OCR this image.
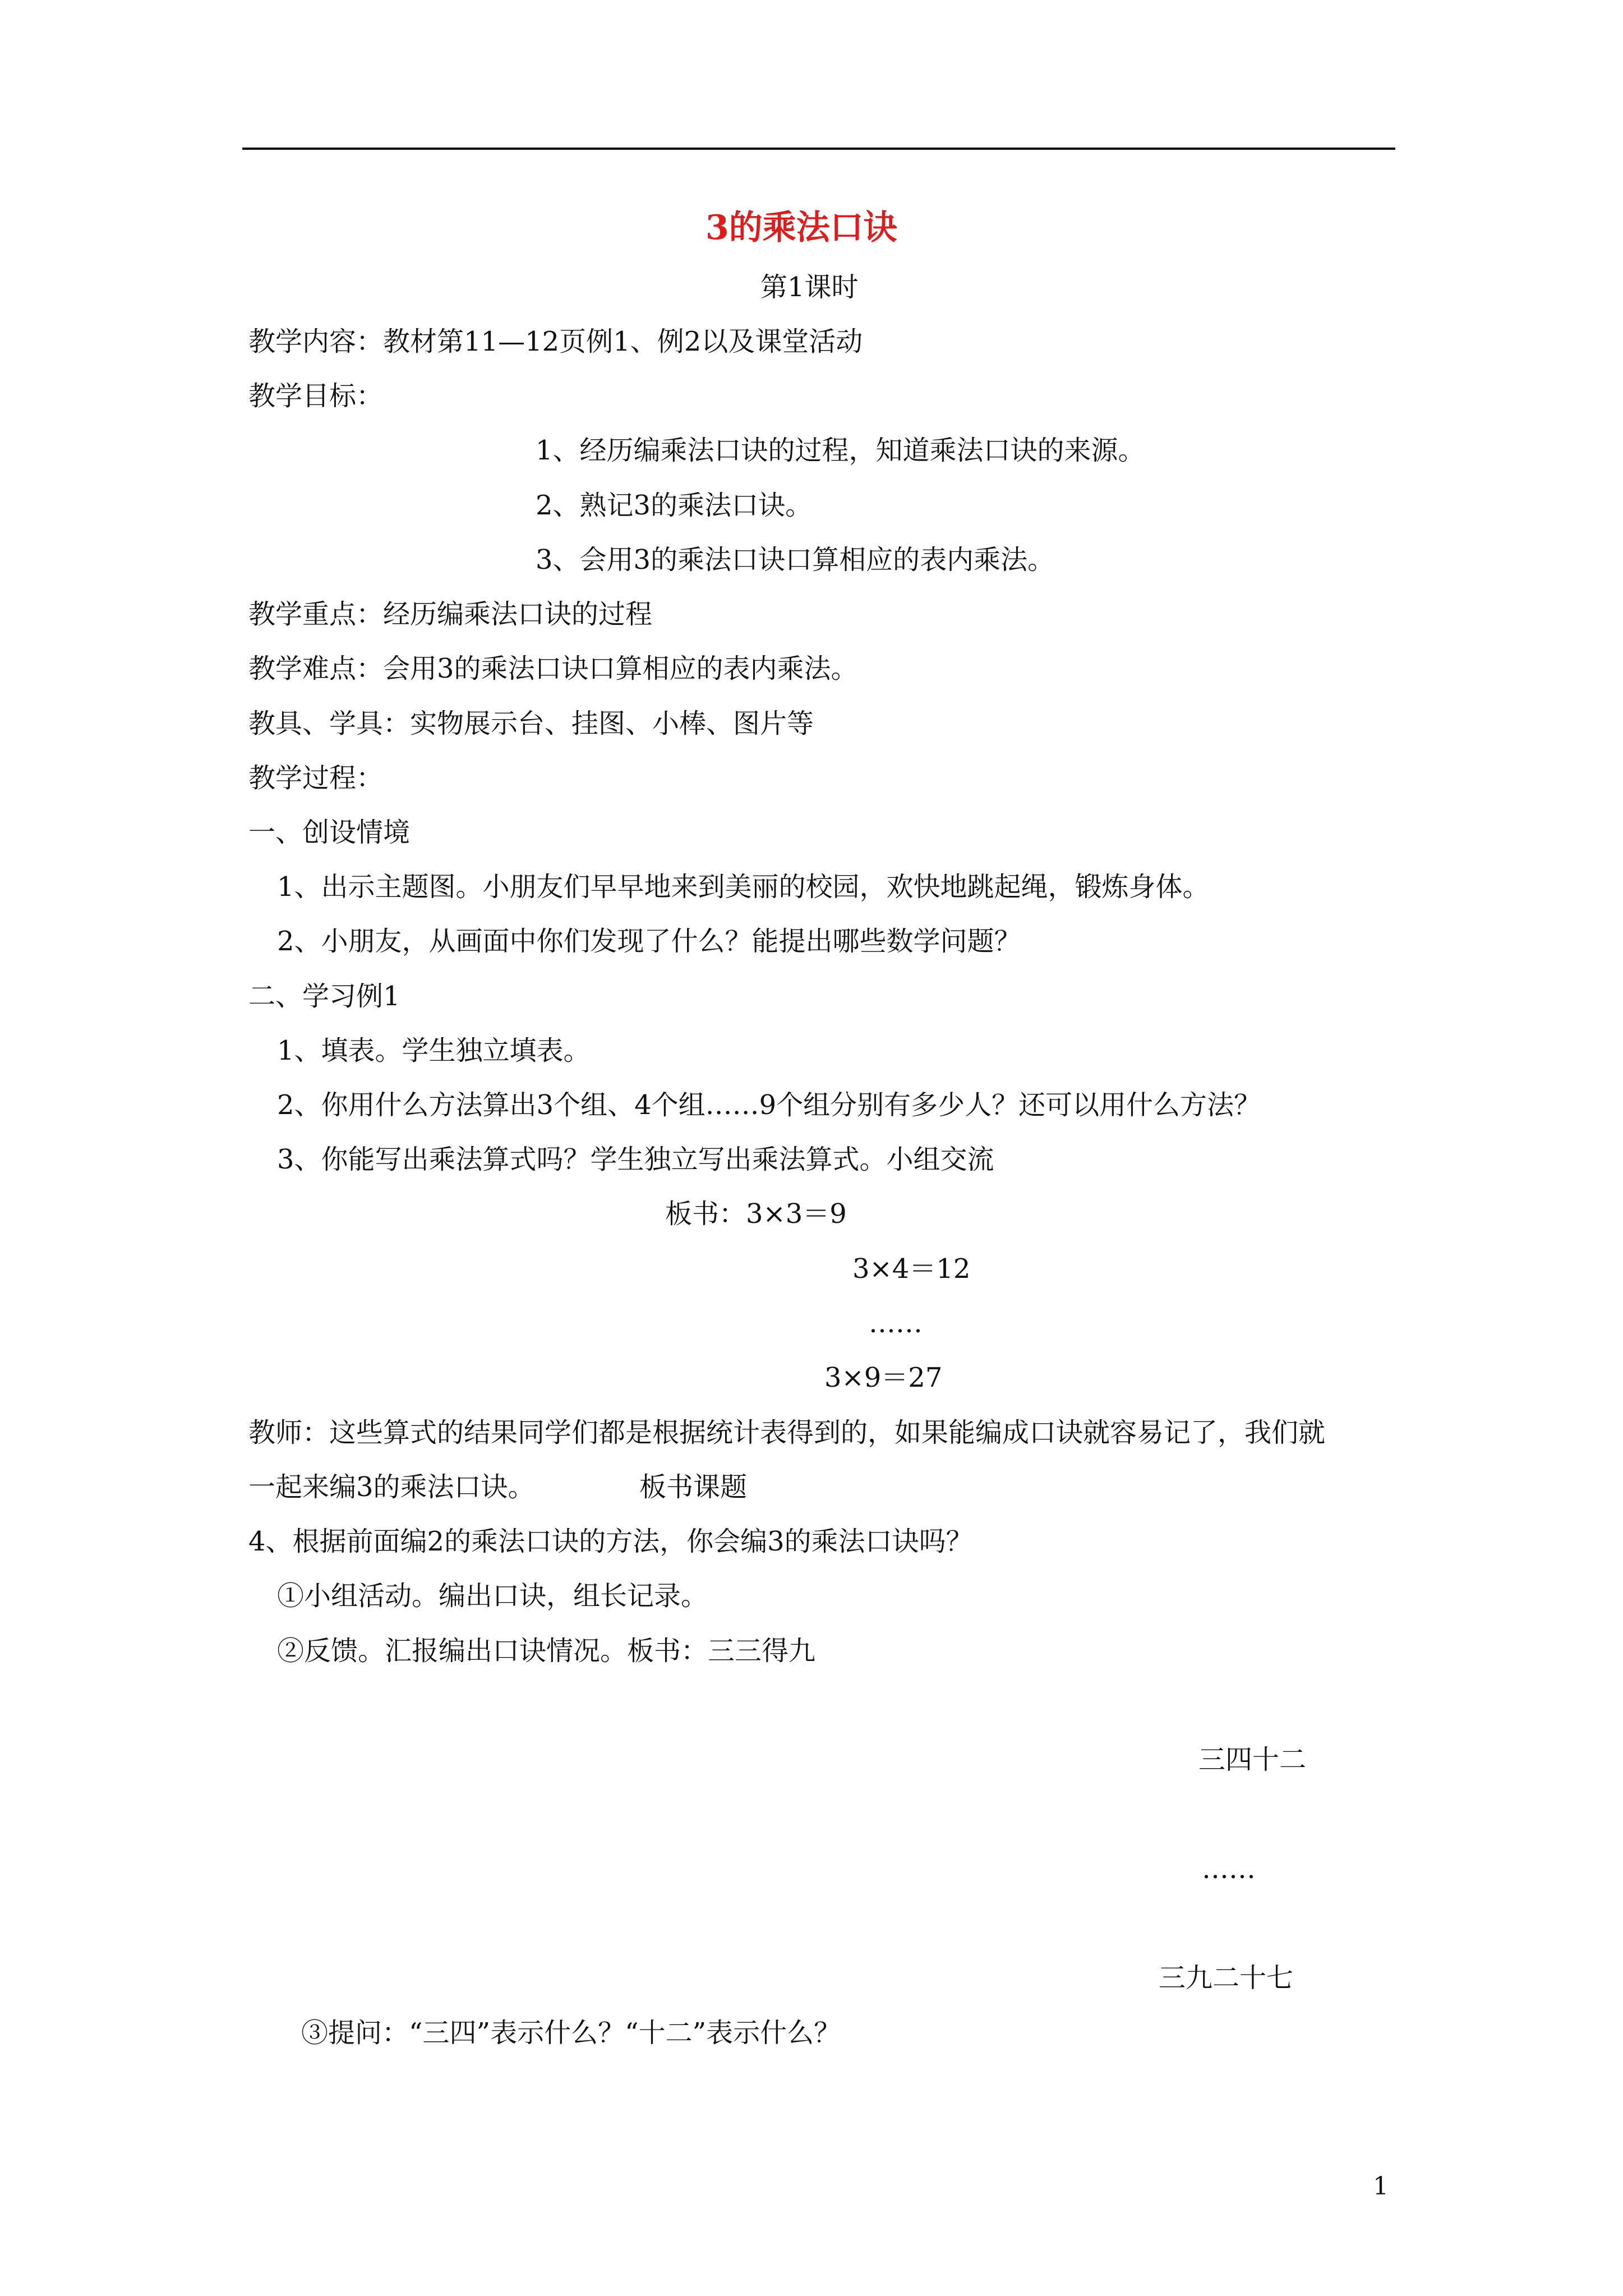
3的乘法口诀
第1课时
教学内容：教材第11—12页例1、例2以及课堂活动
教学目标：
1、经历编乘法口诀的过程，知道乘法口诀的来源。
2、熟记3的乘法口诀。
3、会用3的乘法口诀口算相应的表内乘法。
教学重点：经历编乘法口诀的过程
教学难点：会用3的乘法口诀口算相应的表内乘法。
教具、学具：实物展示台、挂图、小棒、图片等
教学过程：
一、创设情境
1、出示主题图。小朋友们早早地来到美丽的校园，欢快地跳起绳，锻炼身体。
2、小朋友，从画面中你们发现了什么？能提出哪些数学问题？
二、学习例1
1、填表。学生独立填表。
2、你用什么方法算出3个组、4个组……9个组分别有多少人？还可以用什么方法？
3、你能写出乘法算式吗？学生独立写出乘法算式。小组交流
板书：3×3＝9
3×4＝12
……
3×9＝27
教师：这些算式的结果同学们都是根据统计表得到的，如果能编成口诀就容易记了，我们就
一起来编3的乘法口诀。	板书课题
4、根据前面编2的乘法口诀的方法，你会编3的乘法口诀吗？
①小组活动。编出口诀，组长记录。
②反馈。汇报编出口诀情况。板书：三三得九
三四十二
……
三九二十七
③提问：“三四”表示什么？“十二”表示什么？
1
